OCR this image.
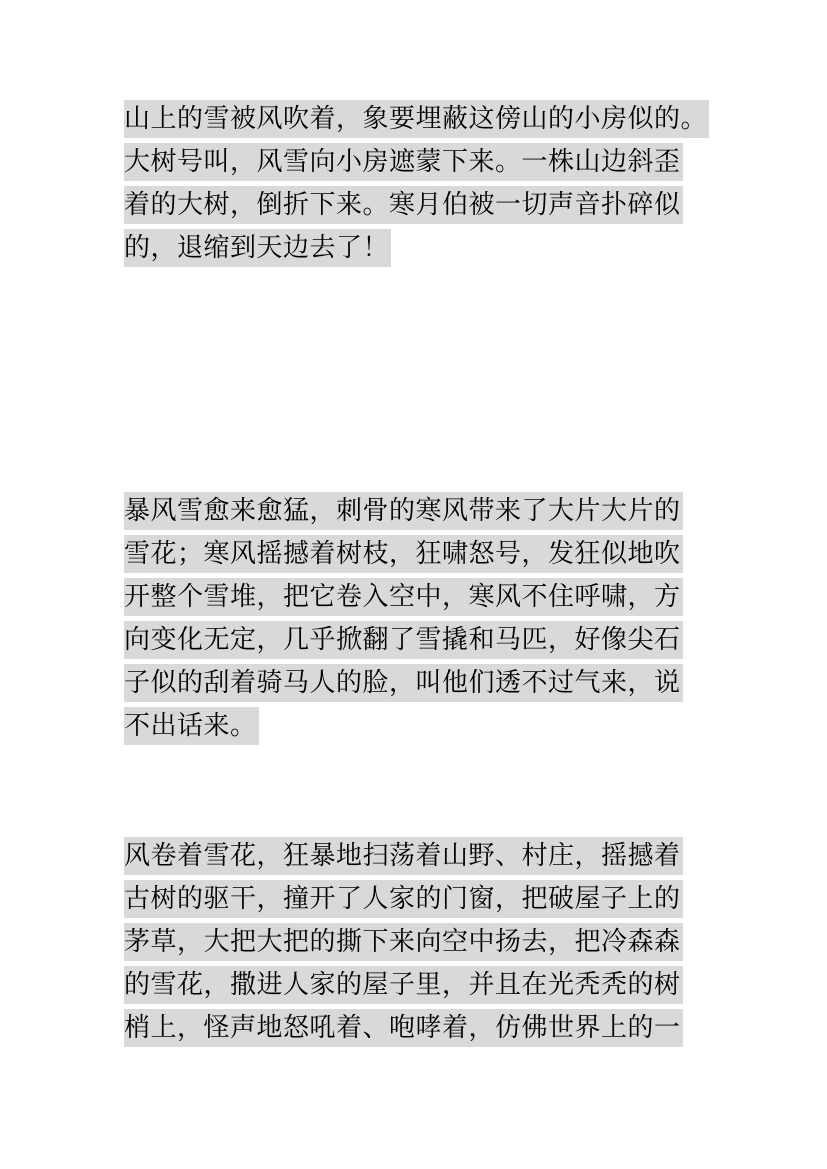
山上的雪被风吹着，象要埋蔽这傍山的小房似的。
大树号叫，风雪向小房遮蒙下来。一株山边斜歪
着的大树，倒折下来。寒月伯被一切声音扑碎似
的，退缩到天边去了！
暴风雪愈来愈猛，刺骨的寒风带来了大片大片的
雪花；寒风摇撼着树枝，狂啸怒号，发狂似地吹
开整个雪堆，把它卷入空中，寒风不住呼啸，方
向变化无定，几乎掀翻了雪撬和马匹，好像尖石
子似的刮着骑马人的脸，叫他们透不过气来，说
不出话来。
风卷着雪花，狂暴地扫荡着山野、村庄，摇撼着
古树的驱干，撞开了人家的门窗，把破屋子上的
茅草，大把大把的撕下来向空中扬去，把冷森森
的雪花，撒进人家的屋子里，并且在光秃秃的树
梢上，怪声地怒吼着、咆哮着，仿佛世界上的一
